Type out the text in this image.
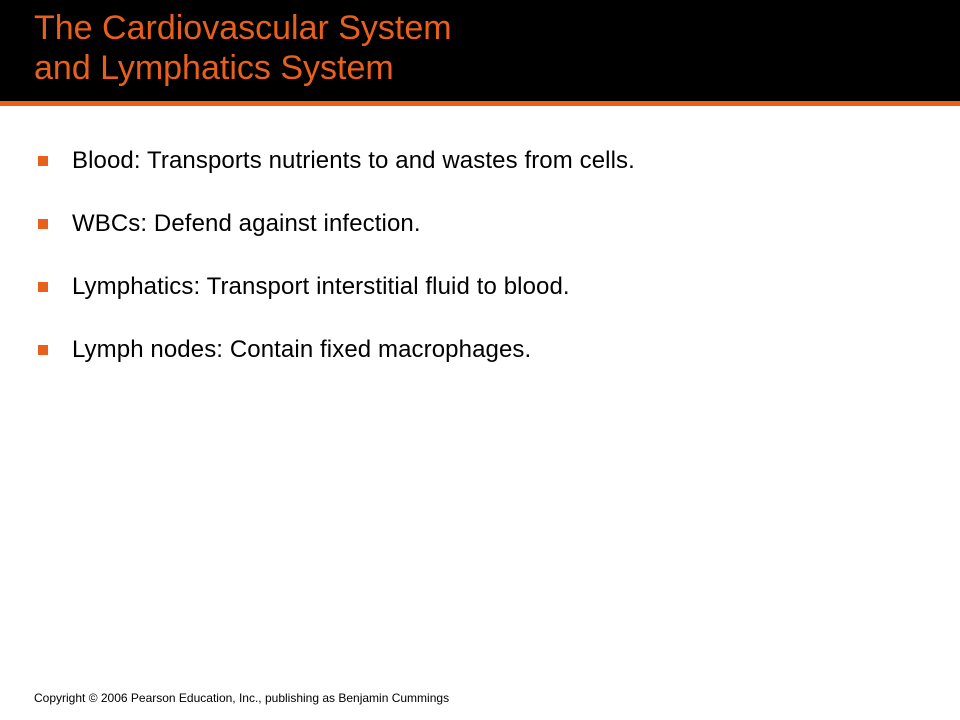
The Cardiovascular System
and Lymphatics System
Blood: Transports nutrients to and wastes from cells.
WBCs: Defend against infection.
Lymphatics: Transport interstitial fluid to blood.
Lymph nodes: Contain fixed macrophages.
Copyright © 2006 Pearson Education, Inc., publishing as Benjamin Cummings
